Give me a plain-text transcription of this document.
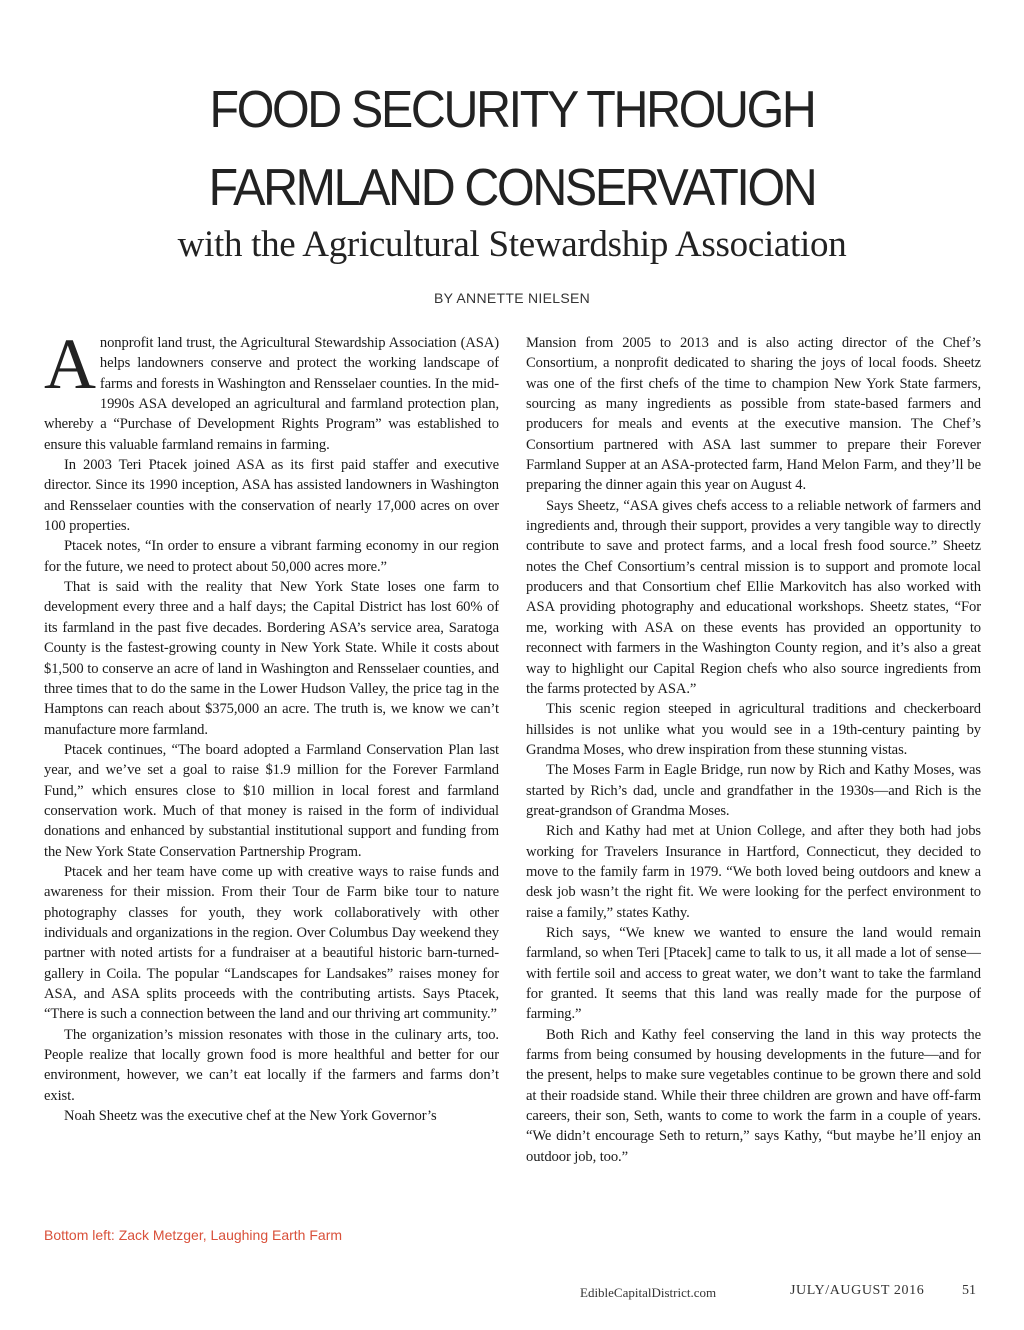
FOOD SECURITY THROUGH
FARMLAND CONSERVATION
with the Agricultural Stewardship Association
BY ANNETTE NIELSEN

Anonprofit land trust, the Agricultural Stewardship Association (ASA) helps landowners conserve and protect the working landscape of farms and forests in Washington and Rensselaer counties. In the mid-1990s ASA developed an agricultural and farmland protection plan, whereby a “Purchase of Development Rights Program” was established to ensure this valuable farmland remains in farming.

In 2003 Teri Ptacek joined ASA as its first paid staffer and executive director. Since its 1990 inception, ASA has assisted landowners in Washington and Rensselaer counties with the conservation of nearly 17,000 acres on over 100 properties.

Ptacek notes, “In order to ensure a vibrant farming economy in our region for the future, we need to protect about 50,000 acres more.”

That is said with the reality that New York State loses one farm to development every three and a half days; the Capital District has lost 60% of its farmland in the past five decades. Bordering ASA’s service area, Saratoga County is the fastest-growing county in New York State. While it costs about $1,500 to conserve an acre of land in Washington and Rensselaer counties, and three times that to do the same in the Lower Hudson Valley, the price tag in the Hamptons can reach about $375,000 an acre. The truth is, we know we can’t manufacture more farmland.

Ptacek continues, “The board adopted a Farmland Conservation Plan last year, and we’ve set a goal to raise $1.9 million for the Forever Farmland Fund,” which ensures close to $10 million in local forest and farmland conservation work. Much of that money is raised in the form of individual donations and enhanced by substantial institutional support and funding from the New York State Conservation Partnership Program.

Ptacek and her team have come up with creative ways to raise funds and awareness for their mission. From their Tour de Farm bike tour to nature photography classes for youth, they work collaboratively with other individuals and organizations in the region. Over Columbus Day weekend they partner with noted artists for a fundraiser at a beautiful historic barn-turned-gallery in Coila. The popular “Landscapes for Landsakes” raises money for ASA, and ASA splits proceeds with the contributing artists. Says Ptacek, “There is such a connection between the land and our thriving art community.”

The organization’s mission resonates with those in the culinary arts, too. People realize that locally grown food is more healthful and better for our environment, however, we can’t eat locally if the farmers and farms don’t exist.

Noah Sheetz was the executive chef at the New York Governor’s

Mansion from 2005 to 2013 and is also acting director of the Chef’s Consortium, a nonprofit dedicated to sharing the joys of local foods. Sheetz was one of the first chefs of the time to champion New York State farmers, sourcing as many ingredients as possible from state-based farmers and producers for meals and events at the executive mansion. The Chef’s Consortium partnered with ASA last summer to prepare their Forever Farmland Supper at an ASA-protected farm, Hand Melon Farm, and they’ll be preparing the dinner again this year on August 4.

Says Sheetz, “ASA gives chefs access to a reliable network of farmers and ingredients and, through their support, provides a very tangible way to directly contribute to save and protect farms, and a local fresh food source.” Sheetz notes the Chef Consortium’s central mission is to support and promote local producers and that Consortium chef Ellie Markovitch has also worked with ASA providing photography and educational workshops. Sheetz states, “For me, working with ASA on these events has provided an opportunity to reconnect with farmers in the Washington County region, and it’s also a great way to highlight our Capital Region chefs who also source ingredients from the farms protected by ASA.”

This scenic region steeped in agricultural traditions and checkerboard hillsides is not unlike what you would see in a 19th-century painting by Grandma Moses, who drew inspiration from these stunning vistas.

The Moses Farm in Eagle Bridge, run now by Rich and Kathy Moses, was started by Rich’s dad, uncle and grandfather in the 1930s—and Rich is the great-grandson of Grandma Moses.

Rich and Kathy had met at Union College, and after they both had jobs working for Travelers Insurance in Hartford, Connecticut, they decided to move to the family farm in 1979. “We both loved being outdoors and knew a desk job wasn’t the right fit. We were looking for the perfect environment to raise a family,” states Kathy.

Rich says, “We knew we wanted to ensure the land would remain farmland, so when Teri [Ptacek] came to talk to us, it all made a lot of sense—with fertile soil and access to great water, we don’t want to take the farmland for granted. It seems that this land was really made for the purpose of farming.”

Both Rich and Kathy feel conserving the land in this way protects the farms from being consumed by housing developments in the future—and for the present, helps to make sure vegetables continue to be grown there and sold at their roadside stand. While their three children are grown and have off-farm careers, their son, Seth, wants to come to work the farm in a couple of years. “We didn’t encourage Seth to return,” says Kathy, “but maybe he’ll enjoy an outdoor job, too.”

Bottom left: Zack Metzger, Laughing Earth Farm
EdibleCapitalDistrict.com	JULY/AUGUST 2016	51
